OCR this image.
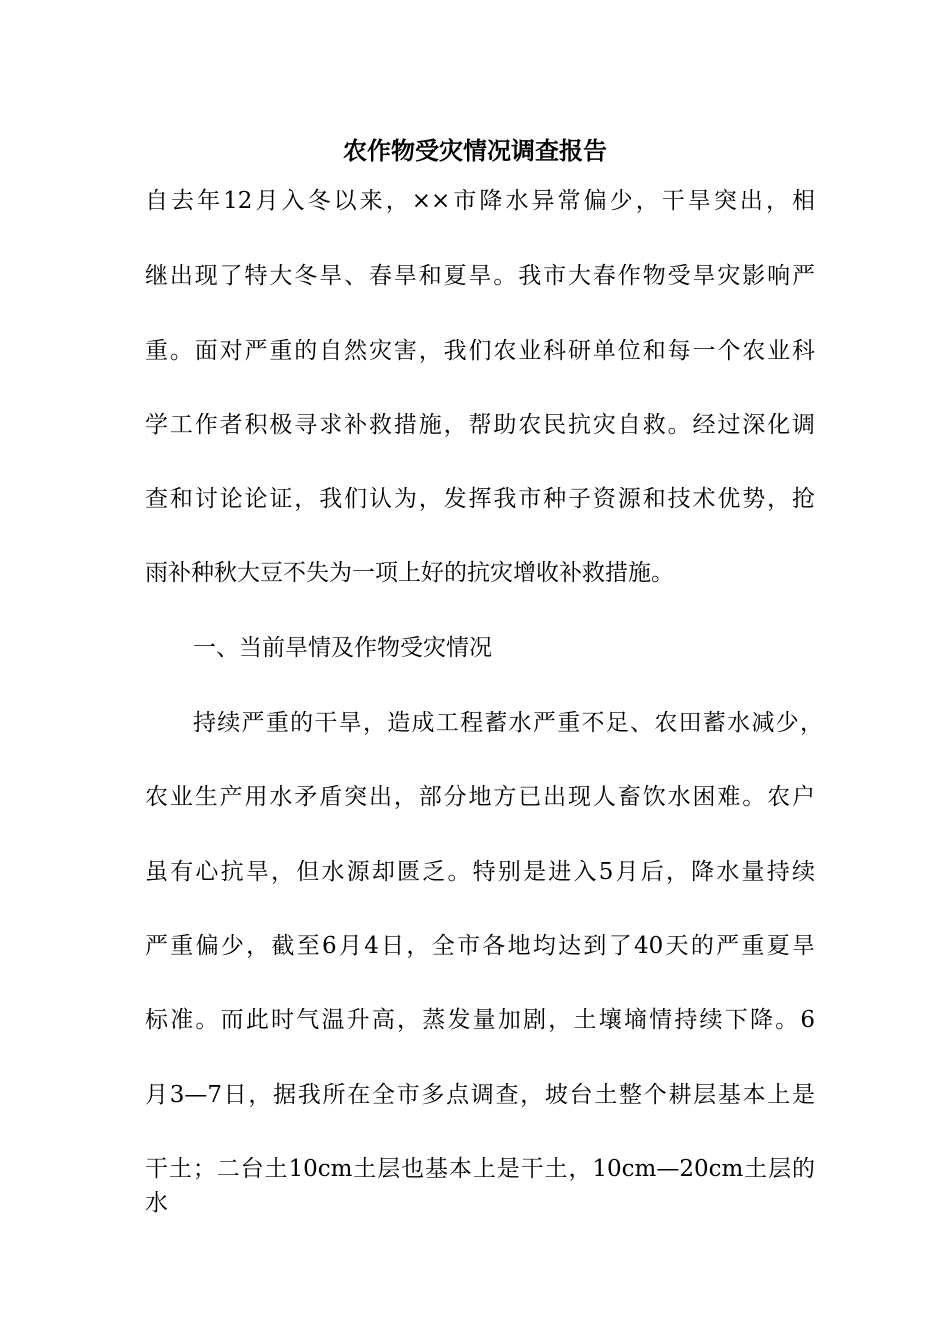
农作物受灾情况调查报告
自去年12月入冬以来，××市降水异常偏少，干旱突出，相
继出现了特大冬旱、春旱和夏旱。我市大春作物受旱灾影响严
重。面对严重的自然灾害，我们农业科研单位和每一个农业科
学工作者积极寻求补救措施，帮助农民抗灾自救。经过深化调
查和讨论论证，我们认为，发挥我市种子资源和技术优势，抢
雨补种秋大豆不失为一项上好的抗灾增收补救措施。
一、当前旱情及作物受灾情况
持续严重的干旱，造成工程蓄水严重不足、农田蓄水减少，
农业生产用水矛盾突出，部分地方已出现人畜饮水困难。农户
虽有心抗旱，但水源却匮乏。特别是进入5月后，降水量持续
严重偏少，截至6月4日，全市各地均达到了40天的严重夏旱
标准。而此时气温升高，蒸发量加剧，土壤墒情持续下降。6
月3—7日，据我所在全市多点调查，坡台土整个耕层基本上是
干土；二台土10cm土层也基本上是干土，10cm—20cm土层的水
